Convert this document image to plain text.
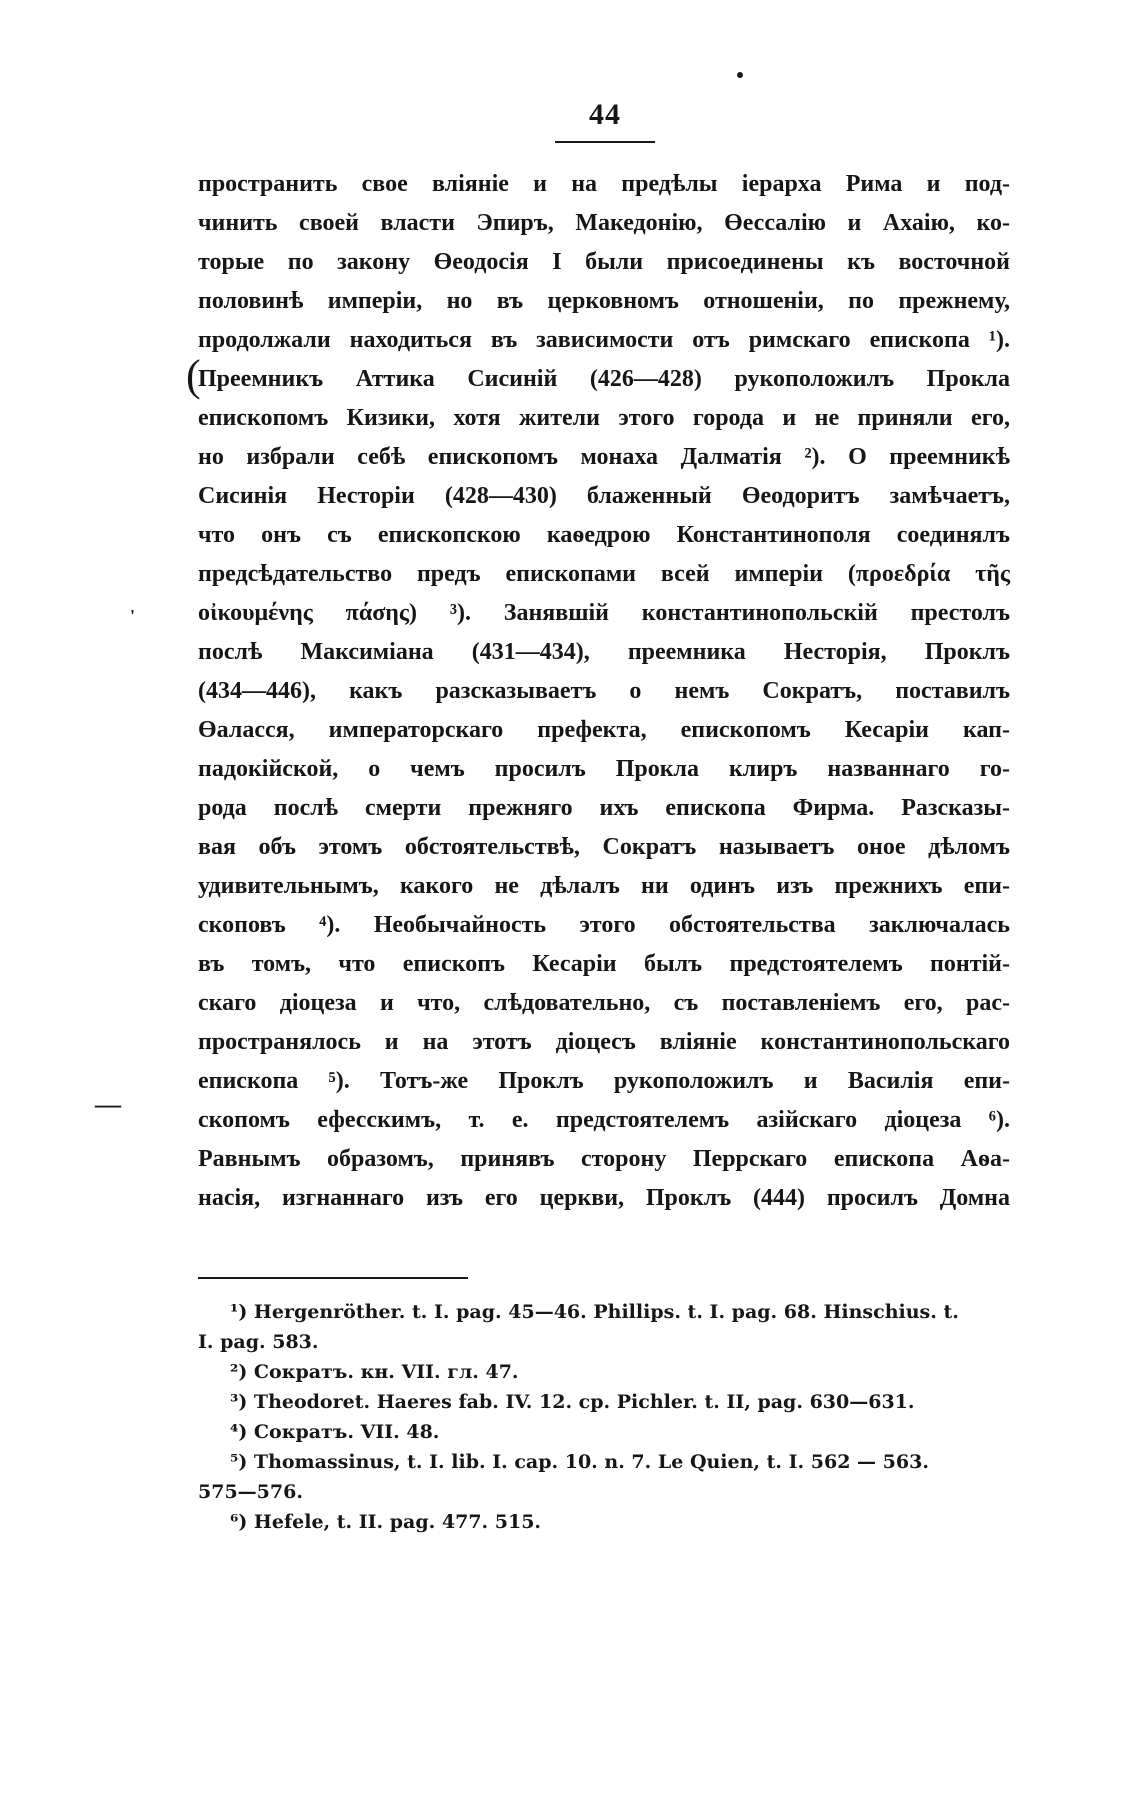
44
(
'
—
пространить свое вліяніе и на предѣлы іерарха Рима и под-
чинить своей власти Эпиръ, Македонію, Өессалію и Ахаію, ко-
торые по закону Өеодосія I были присоединены къ восточной
половинѣ имперіи, но въ церковномъ отношеніи, по прежнему,
продолжали находиться въ зависимости отъ римскаго епископа ¹).
Преемникъ Аттика Сисиній (426—428) рукоположилъ Прокла
епископомъ Кизики, хотя жители этого города и не приняли его,
но избрали себѣ епископомъ монаха Далматія ²). О преемникѣ
Сисинія Несторіи (428—430) блаженный Өеодоритъ замѣчаетъ,
что онъ съ епископскою каѳедрою Константинополя соединялъ
предсѣдательство предъ епископами всей имперіи (προεδρία τῆς
οἰκουμένης πάσης) ³). Занявшій константинопольскій престолъ
послѣ Максиміана (431—434), преемника Несторія, Проклъ
(434—446), какъ разсказываетъ о немъ Сократъ, поставилъ
Өаласся, императорскаго префекта, епископомъ Кесаріи кап-
падокійской, о чемъ просилъ Прокла клиръ названнаго го-
рода послѣ смерти прежняго ихъ епископа Фирма. Разсказы-
вая объ этомъ обстоятельствѣ, Сократъ называетъ оное дѣломъ
удивительнымъ, какого не дѣлалъ ни одинъ изъ прежнихъ епи-
скоповъ ⁴). Необычайность этого обстоятельства заключалась
въ томъ, что епископъ Кесаріи былъ предстоятелемъ понтій-
скаго діоцеза и что, слѣдовательно, съ поставленіемъ его, рас-
пространялось и на этотъ діоцесъ вліяніе константинопольскаго
епископа ⁵). Тотъ-же Проклъ рукоположилъ и Василія епи-
скопомъ ефесскимъ, т. е. предстоятелемъ азійскаго діоцеза ⁶).
Равнымъ образомъ, принявъ сторону Перрскаго епископа Аѳа-
насія, изгнаннаго изъ его церкви, Проклъ (444) просилъ Домна
¹) Hergenröther. t. I. pag. 45—46. Phillips. t. I. pag. 68. Hinschius. t.
I. pag. 583.
²) Сократъ. кн. VII. гл. 47.
³) Theodoret. Haeres fab. IV. 12. ср. Pichler. t. II, pag. 630—631.
⁴) Сократъ. VII. 48.
⁵) Thomassinus, t. I. lib. I. cap. 10. n. 7. Le Quien, t. I. 562 — 563.
575—576.
⁶) Hefele, t. II. pag. 477. 515.
